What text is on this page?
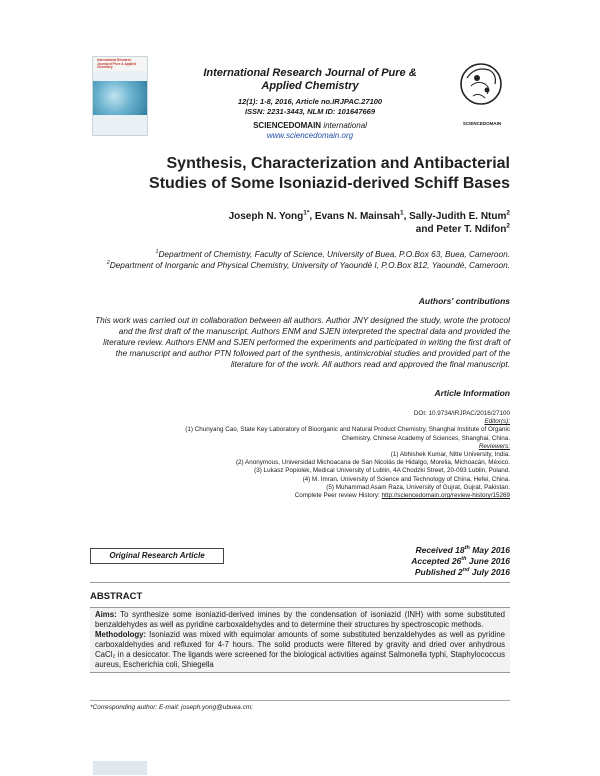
International Research Journal of Pure & Applied Chemistry	International Research Journal of Pure & Applied Chemistry
12(1): 1-8, 2016, Article no.IRJPAC.27100
ISSN: 2231-3443, NLM ID: 101647669
SCIENCEDOMAIN international
www.sciencedomain.org
SCIENCEDOMAIN
Synthesis, Characterization and Antibacterial
Studies of Some Isoniazid-derived Schiff Bases
Joseph N. Yong$^{1*}$, Evans N. Mainsah$^1$, Sally-Judith E. Ntum$^2$
and Peter T. Ndifon$^2$
$^1$Department of Chemistry, Faculty of Science, University of Buea, P.O.Box 63, Buea, Cameroon.
$^2$Department of Inorganic and Physical Chemistry, University of Yaoundé I, P.O.Box 812, Yaoundé, Cameroon.
Authors' contributions
This work was carried out in collaboration between all authors. Author JNY designed the study, wrote the protocol and the first draft of the manuscript. Authors ENM and SJEN interpreted the spectral data and provided the literature review. Authors ENM and SJEN performed the experiments and participated in writing the first draft of the manuscript and author PTN followed part of the synthesis, antimicrobial studies and provided part of the literature for of the work. All authors read and approved the final manuscript.
Article Information
DOI: 10.9734/IRJPAC/2016/27100
Editor(s):
(1) Chunyang Cao, State Key Laboratory of Bioorganic and Natural Product Chemistry, Shanghai Institute of Organic
Chemistry, Chinese Academy of Sciences, Shanghai, China.
Reviewers:
(1) Abhishek Kumar, Nitte University, India.
(2) Anonymous, Universidad Michoacana de San Nicolás de Hidalgo, Morelia, Michoacán, México.
(3) Lukasz Popiolek, Medical University of Lublin, 4A Chodzki Street, 20-093 Lublin, Poland.
(4) M. Imran, University of Science and Technology of China, Hefei, China.
(5) Muhammad Asam Raza, University of Gujrat, Gujrat, Pakistan.
Complete Peer review History: http://sciencedomain.org/review-history/15269
Original Research Article
Received 18th May 2016
Accepted 26th June 2016
Published 2nd July 2016
ABSTRACT
Aims: To synthesize some isoniazid-derived imines by the condensation of isoniazid (INH) with some substituted benzaldehydes as well as pyridine carboxaldehydes and to determine their structures by spectroscopic methods.
Methodology: Isoniazid was mixed with equimolar amounts of some substituted benzaldehydes as well as pyridine carboxaldehydes and refluxed for 4-7 hours. The solid products were filtered by gravity and dried over anhydrous CaCl₂ in a desiccator. The ligands were screened for the biological activities against Salmonella typhi, Staphylococcus aureus, Escherichia coli, Shiegella
*Corresponding author: E-mail: joseph.yong@ubuea.cm;
